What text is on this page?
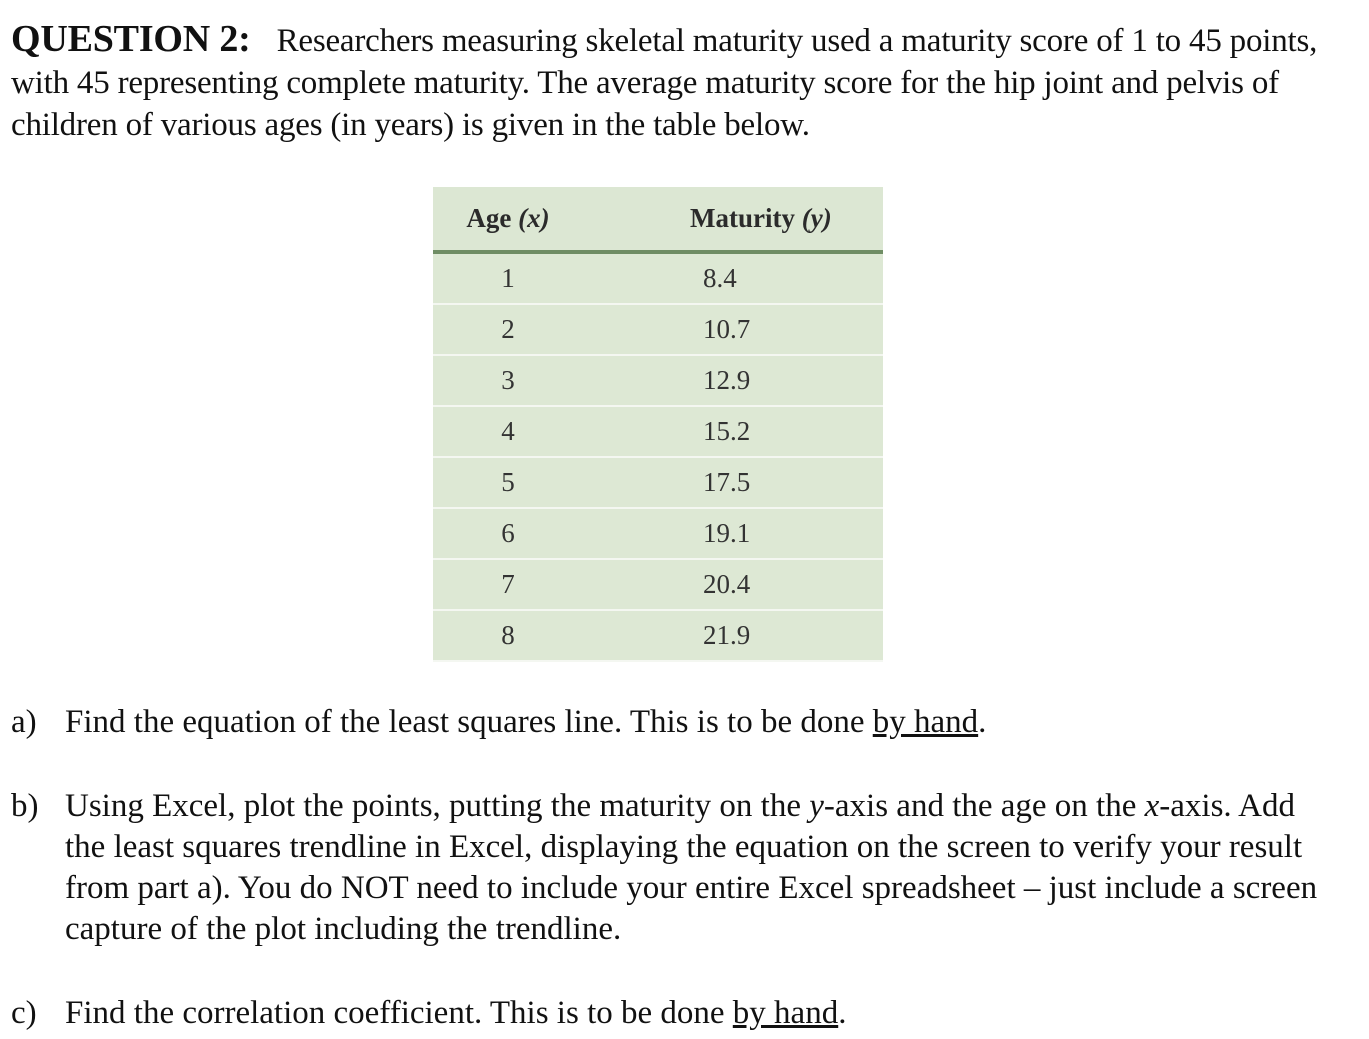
QUESTION 2: Researchers measuring skeletal maturity used a maturity score of 1 to 45 points, with 45 representing complete maturity. The average maturity score for the hip joint and pelvis of children of various ages (in years) is given in the table below.
Age (x)	Maturity (y)
1	8.4
2	10.7
3	12.9
4	15.2
5	17.5
6	19.1
7	20.4
8	21.9
a) Find the equation of the least squares line. This is to be done by hand.
b) Using Excel, plot the points, putting the maturity on the y-axis and the age on the x-axis. Add the least squares trendline in Excel, displaying the equation on the screen to verify your result from part a). You do NOT need to include your entire Excel spreadsheet – just include a screen capture of the plot including the trendline.
c) Find the correlation coefficient. This is to be done by hand.
